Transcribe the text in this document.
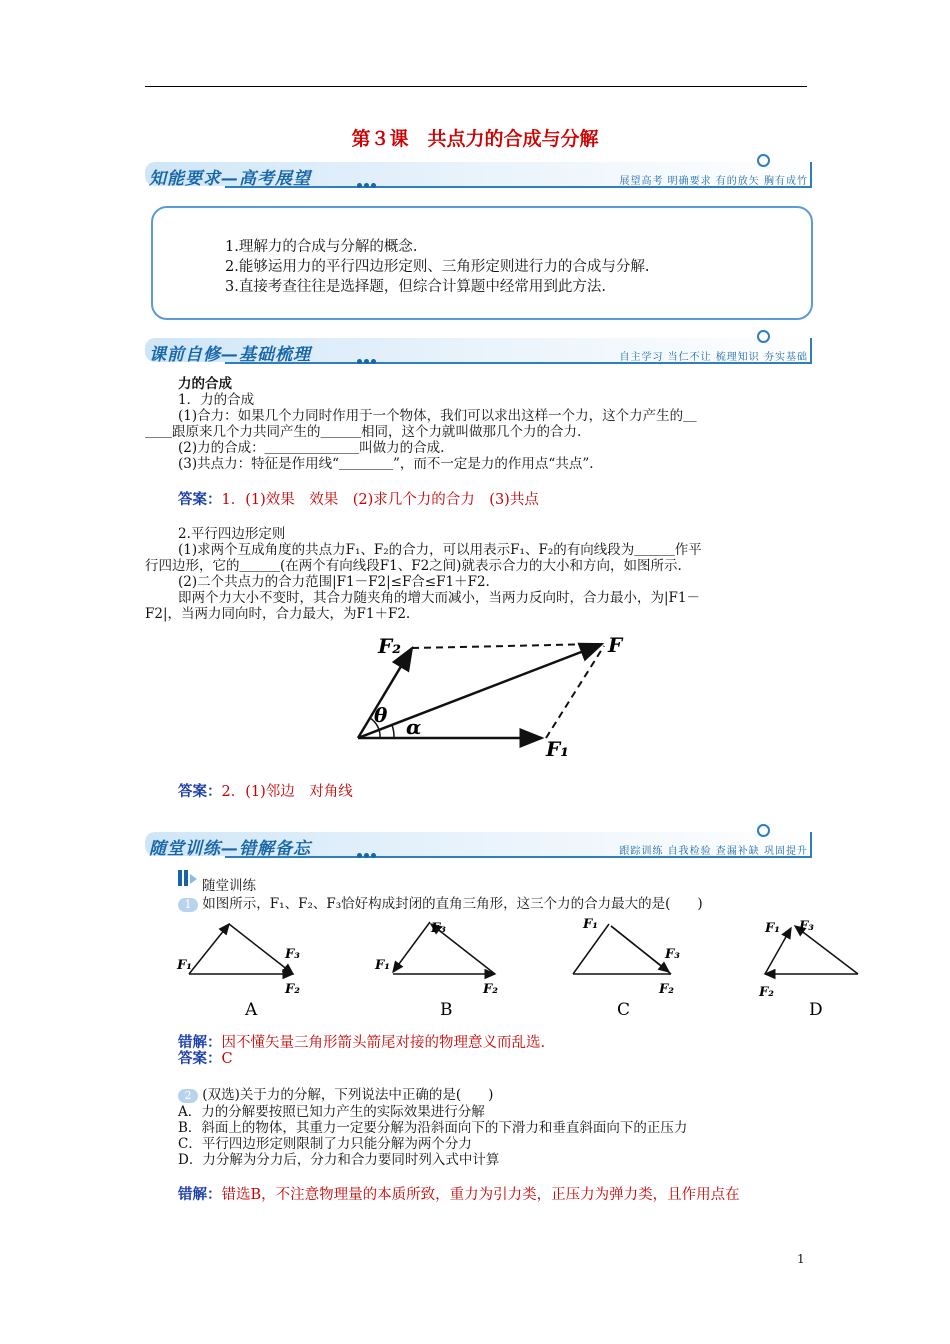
第３课　共点力的合成与分解
知能要求—高考展望	展望高考 明确要求 有的放矢 胸有成竹
1.理解力的合成与分解的概念.
2.能够运用力的平行四边形定则、三角形定则进行力的合成与分解.
3.直接考查往往是选择题，但综合计算题中经常用到此方法.
课前自修—基础梳理	自主学习 当仁不让 梳理知识 夯实基础
力的合成
1．力的合成
(1)合力：如果几个力同时作用于一个物体，我们可以求出这样一个力，这个力产生的＿
＿＿跟原来几个力共同产生的＿＿＿相同，这个力就叫做那几个力的合力.
(2)力的合成：＿＿＿＿＿＿＿叫做力的合成.
(3)共点力：特征是作用线“＿＿＿＿”，而不一定是力的作用点“共点”.
答案：1．(1)效果　效果　(2)求几个力的合力　(3)共点
2.平行四边形定则
(1)求两个互成角度的共点力F₁、F₂的合力，可以用表示F₁、F₂的有向线段为＿＿＿作平
行四边形，它的＿＿＿(在两个有向线段F1、F2之间)就表示合力的大小和方向，如图所示.
(2)二个共点力的合力范围|F1－F2|≤F合≤F1＋F2.
即两个力大小不变时，其合力随夹角的增大而减小，当两力反向时，合力最小，为|F1－
F2|，当两力同向时，合力最大，为F1＋F2.
F₂	F
F₁
θ α
答案：2．(1)邻边　对角线
随堂训练—错解备忘	跟踪训练 自我检验 查漏补缺 巩固提升
随堂训练
1 如图所示，F₁、F₂、F₃恰好构成封闭的直角三角形，这三个力的合力最大的是(　　)
F₁
F₃
F₂
A
F₁
F₃
F₂
B
F₁
F₃
F₂
C
F₁ F₃
F₂
D
错解：因不懂矢量三角形箭头箭尾对接的物理意义而乱选.
答案：C
2 (双选)关于力的分解，下列说法中正确的是(　　)
A．力的分解要按照已知力产生的实际效果进行分解
B．斜面上的物体，其重力一定要分解为沿斜面向下的下滑力和垂直斜面向下的正压力
C．平行四边形定则限制了力只能分解为两个分力
D．力分解为分力后，分力和合力要同时列入式中计算
错解：错选B，不注意物理量的本质所致，重力为引力类，正压力为弹力类，且作用点在
1
